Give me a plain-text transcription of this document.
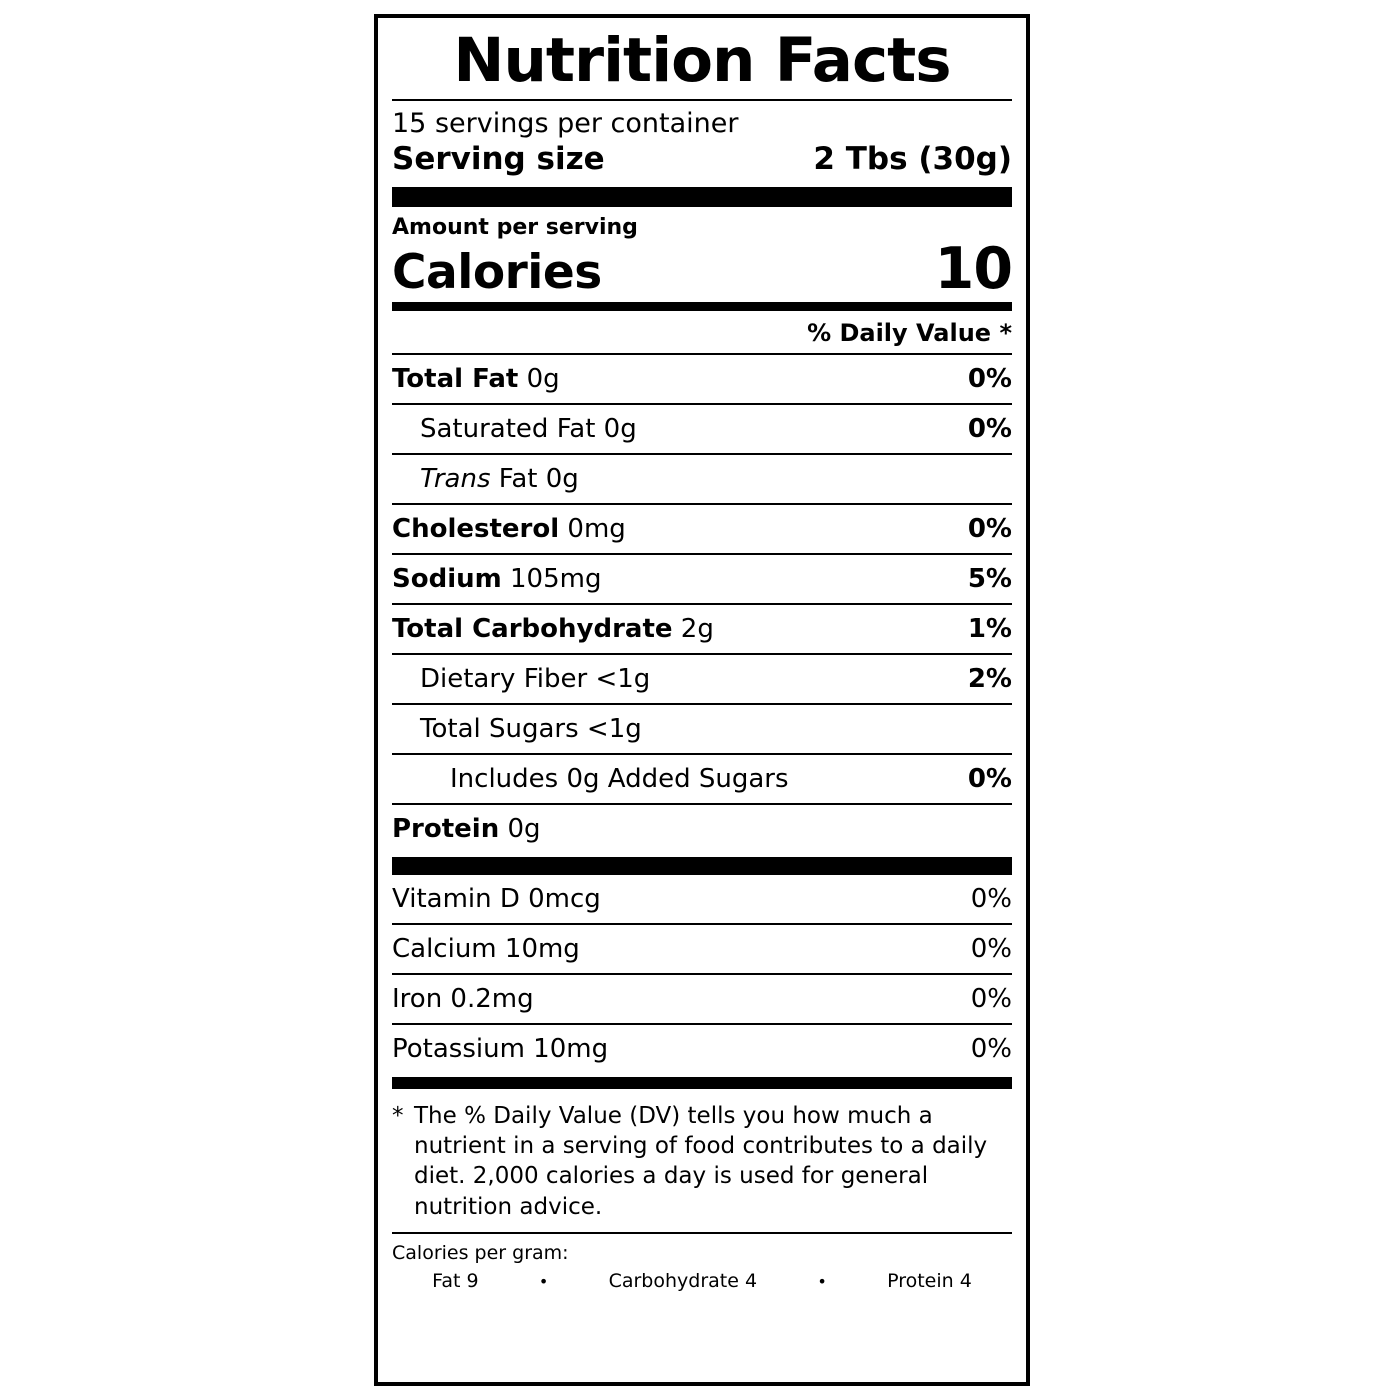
Nutrition Facts
15 servings per container
Serving size	2 Tbs (30g)
Amount per serving
Calories	10
% Daily Value *
Total Fat 0g	0%
Saturated Fat 0g	0%
Trans Fat 0g
Cholesterol 0mg	0%
Sodium 105mg	5%
Total Carbohydrate 2g	1%
Dietary Fiber <1g	2%
Total Sugars <1g
Includes 0g Added Sugars	0%
Protein 0g
Vitamin D 0mcg	0%
Calcium 10mg	0%
Iron 0.2mg	0%
Potassium 10mg	0%
* The % Daily Value (DV) tells you how much a nutrient in a serving of food contributes to a daily diet. 2,000 calories a day is used for general nutrition advice.
Calories per gram:
Fat 9	•	Carbohydrate 4	•	Protein 4
